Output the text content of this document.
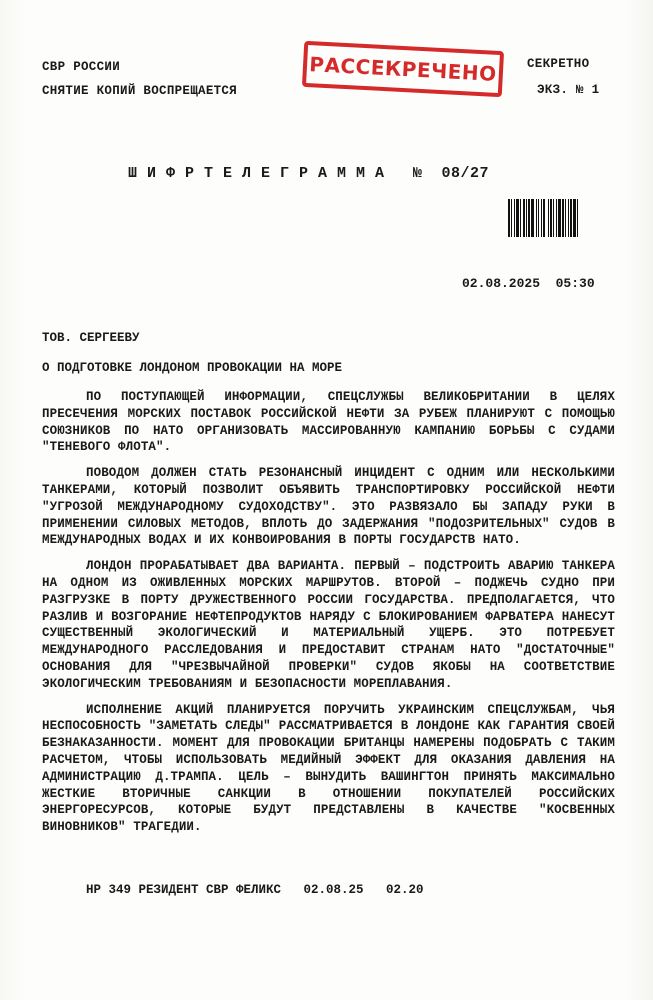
СВР РОССИИ
СНЯТИЕ КОПИЙ ВОСПРЕЩАЕТСЯ
СЕКРЕТНО
ЭКЗ. № 1
РАССЕКРЕЧЕНО
Ш И Ф Р Т Е Л Е Г Р А М М А   №  08/27
02.08.2025  05:30
ТОВ. СЕРГЕЕВУ
О ПОДГОТОВКЕ ЛОНДОНОМ ПРОВОКАЦИИ НА МОРЕ

ПО ПОСТУПАЮЩЕЙ ИНФОРМАЦИИ, СПЕЦСЛУЖБЫ ВЕЛИКОБРИТАНИИ В ЦЕЛЯХ ПРЕСЕЧЕНИЯ МОРСКИХ ПОСТАВОК РОССИЙСКОЙ НЕФТИ ЗА РУБЕЖ ПЛАНИРУЮТ С ПОМОЩЬЮ СОЮЗНИКОВ ПО НАТО ОРГАНИЗОВАТЬ МАССИРОВАННУЮ КАМПАНИЮ БОРЬБЫ С СУДАМИ "ТЕНЕВОГО ФЛОТА".

ПОВОДОМ ДОЛЖЕН СТАТЬ РЕЗОНАНСНЫЙ ИНЦИДЕНТ С ОДНИМ ИЛИ НЕСКОЛЬКИМИ ТАНКЕРАМИ, КОТОРЫЙ ПОЗВОЛИТ ОБЪЯВИТЬ ТРАНСПОРТИРОВКУ РОССИЙСКОЙ НЕФТИ "УГРОЗОЙ МЕЖДУНАРОДНОМУ СУДОХОДСТВУ". ЭТО РАЗВЯЗАЛО БЫ ЗАПАДУ РУКИ В ПРИМЕНЕНИИ СИЛОВЫХ МЕТОДОВ, ВПЛОТЬ ДО ЗАДЕРЖАНИЯ "ПОДОЗРИТЕЛЬНЫХ" СУДОВ В МЕЖДУНАРОДНЫХ ВОДАХ И ИХ КОНВОИРОВАНИЯ В ПОРТЫ ГОСУДАРСТВ НАТО.

ЛОНДОН ПРОРАБАТЫВАЕТ ДВА ВАРИАНТА. ПЕРВЫЙ – ПОДСТРОИТЬ АВАРИЮ ТАНКЕРА НА ОДНОМ ИЗ ОЖИВЛЕННЫХ МОРСКИХ МАРШРУТОВ. ВТОРОЙ – ПОДЖЕЧЬ СУДНО ПРИ РАЗГРУЗКЕ В ПОРТУ ДРУЖЕСТВЕННОГО РОССИИ ГОСУДАРСТВА. ПРЕДПОЛАГАЕТСЯ, ЧТО РАЗЛИВ И ВОЗГОРАНИЕ НЕФТЕПРОДУКТОВ НАРЯДУ С БЛОКИРОВАНИЕМ ФАРВАТЕРА НАНЕСУТ СУЩЕСТВЕННЫЙ ЭКОЛОГИЧЕСКИЙ И МАТЕРИАЛЬНЫЙ УЩЕРБ. ЭТО ПОТРЕБУЕТ МЕЖДУНАРОДНОГО РАССЛЕДОВАНИЯ И ПРЕДОСТАВИТ СТРАНАМ НАТО "ДОСТАТОЧНЫЕ" ОСНОВАНИЯ ДЛЯ "ЧРЕЗВЫЧАЙНОЙ ПРОВЕРКИ" СУДОВ ЯКОБЫ НА СООТВЕТСТВИЕ ЭКОЛОГИЧЕСКИМ ТРЕБОВАНИЯМ И БЕЗОПАСНОСТИ МОРЕПЛАВАНИЯ.

ИСПОЛНЕНИЕ АКЦИЙ ПЛАНИРУЕТСЯ ПОРУЧИТЬ УКРАИНСКИМ СПЕЦСЛУЖБАМ, ЧЬЯ НЕСПОСОБНОСТЬ "ЗАМЕТАТЬ СЛЕДЫ" РАССМАТРИВАЕТСЯ В ЛОНДОНЕ КАК ГАРАНТИЯ СВОЕЙ БЕЗНАКАЗАННОСТИ. МОМЕНТ ДЛЯ ПРОВОКАЦИИ БРИТАНЦЫ НАМЕРЕНЫ ПОДОБРАТЬ С ТАКИМ РАСЧЕТОМ, ЧТОБЫ ИСПОЛЬЗОВАТЬ МЕДИЙНЫЙ ЭФФЕКТ ДЛЯ ОКАЗАНИЯ ДАВЛЕНИЯ НА АДМИНИСТРАЦИЮ Д.ТРАМПА. ЦЕЛЬ – ВЫНУДИТЬ ВАШИНГТОН ПРИНЯТЬ МАКСИМАЛЬНО ЖЕСТКИЕ ВТОРИЧНЫЕ САНКЦИИ В ОТНОШЕНИИ ПОКУПАТЕЛЕЙ РОССИЙСКИХ ЭНЕРГОРЕСУРСОВ, КОТОРЫЕ БУДУТ ПРЕДСТАВЛЕНЫ В КАЧЕСТВЕ "КОСВЕННЫХ ВИНОВНИКОВ" ТРАГЕДИИ.

НР 349 РЕЗИДЕНТ СВР ФЕЛИКС   02.08.25   02.20
